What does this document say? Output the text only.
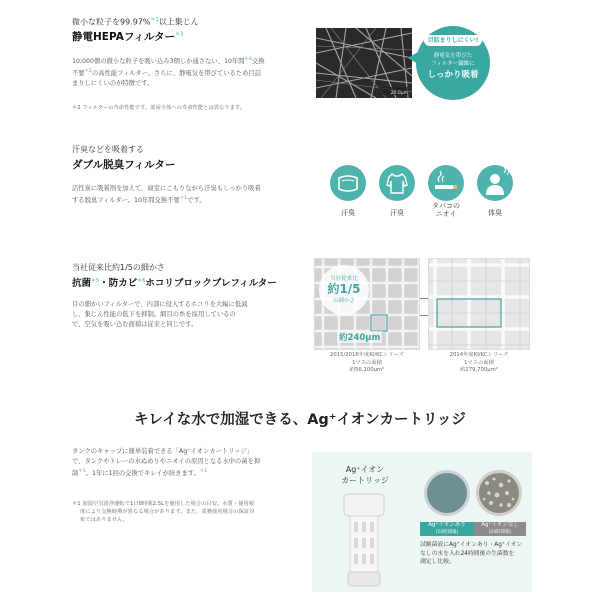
微小な粒子を99.97%$^{*1}$以上集じん
静電HEPAフィルター$^{*3}$
10,000個の微小な粒子を吸い込み3個しか通さない、10年間$^{*4}$交換
不要$^{*2}$の高性能フィルター。さらに、静電気を帯びているため目詰
まりしにくいのが特徴です。
＊2 フィルターの寿命性能です。部屋全体への寿命性能とは異なります。
20.0μm
目詰まりしにくい!
静電気を帯びた
フィルター繊維に
しっかり吸着
汗臭などを吸着する
ダブル脱臭フィルター
活性炭に吸着剤を加えて、寝室にこもりながら汗臭もしっかり吸着
する脱臭フィルター。10年間交換不要$^{*1}$です。
汗臭	汗臭
タバコの
ニオイ	体臭
当社従来比約1/5の細かさ
抗菌$^{*5}$・防カビ$^{*6}$ホコリブロックプレフィルター
目の細かいフィルターで、内部に侵入するホコリを大幅に低減
し、集じん性能の低下を抑制。網目の糸を採用しているの
で、空気を吸い込む面積は従来と同じです。
当社従来比
約1/5
の細かさ
約240μm
2015/2016年度KI/KCシリーズ
1マスの面積
約56,100μm²
2014年度KI/KCシリーズ
1マスの面積
約279,700μm²
キレイな水で加湿できる、Ag⁺イオンカートリッジ
タンクのキャップに簡単装着できる「Ag⁺イオンカートリッジ」
で、タンクやトレーの水ぬめりやニオイの原因となる水中の菌を抑
制$^{*1}$。1年に1回の交換でキレイが続きます。$^{*1}$
＊1 加湿空気清浄運転で1日8時間2.5Lを使用した場合の目安。水質・使用頻
度により交換時期が異なる場合があります。また、業務使用場合の保証対
象ではありません。
Ag⁺イオン
カートリッジ
Ag⁺イオンあり
(24時間後)
Ag⁺イオンなし
(24時間後)
試験菌液にAg⁺イオンあり・Ag⁺イオン
なしの水を入れ24時間後の生菌数を
測定し比較。
